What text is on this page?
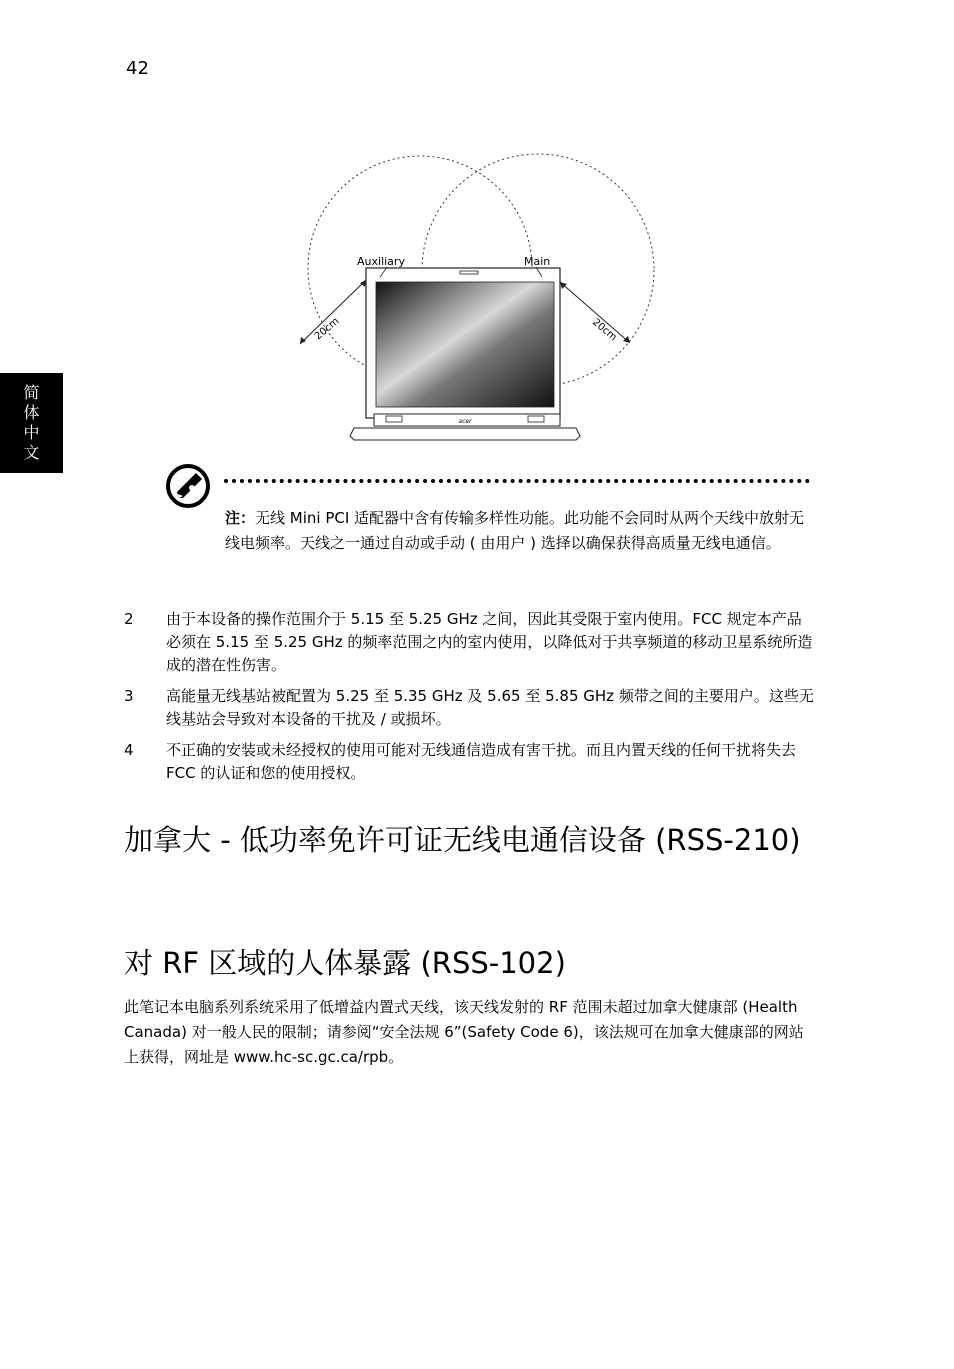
42
简
体
中
文
acer
Auxiliary	Main
20cm	20cm
注：无线 Mini PCI 适配器中含有传输多样性功能。此功能不会同时从两个天线中放射无线电频率。天线之一通过自动或手动 ( 由用户 ) 选择以确保获得高质量无线电通信。
2	由于本设备的操作范围介于 5.15 至 5.25 GHz 之间，因此其受限于室内使用。FCC 规定本产品必须在 5.15 至 5.25 GHz 的频率范围之内的室内使用，以降低对于共享频道的移动卫星系统所造成的潜在性伤害。
3	高能量无线基站被配置为 5.25 至 5.35 GHz 及 5.65 至 5.85 GHz 频带之间的主要用户。这些无线基站会导致对本设备的干扰及 / 或损坏。
4	不正确的安装或未经授权的使用可能对无线通信造成有害干扰。而且内置天线的任何干扰将失去 FCC 的认证和您的使用授权。
加拿大 - 低功率免许可证无线电通信设备 (RSS-210)
对 RF 区域的人体暴露 (RSS-102)

此笔记本电脑系列系统采用了低增益内置式天线，该天线发射的 RF 范围未超过加拿大健康部 (Health Canada) 对一般人民的限制；请参阅“安全法规 6”(Safety Code 6)，该法规可在加拿大健康部的网站上获得，网址是 www.hc-sc.gc.ca/rpb。
